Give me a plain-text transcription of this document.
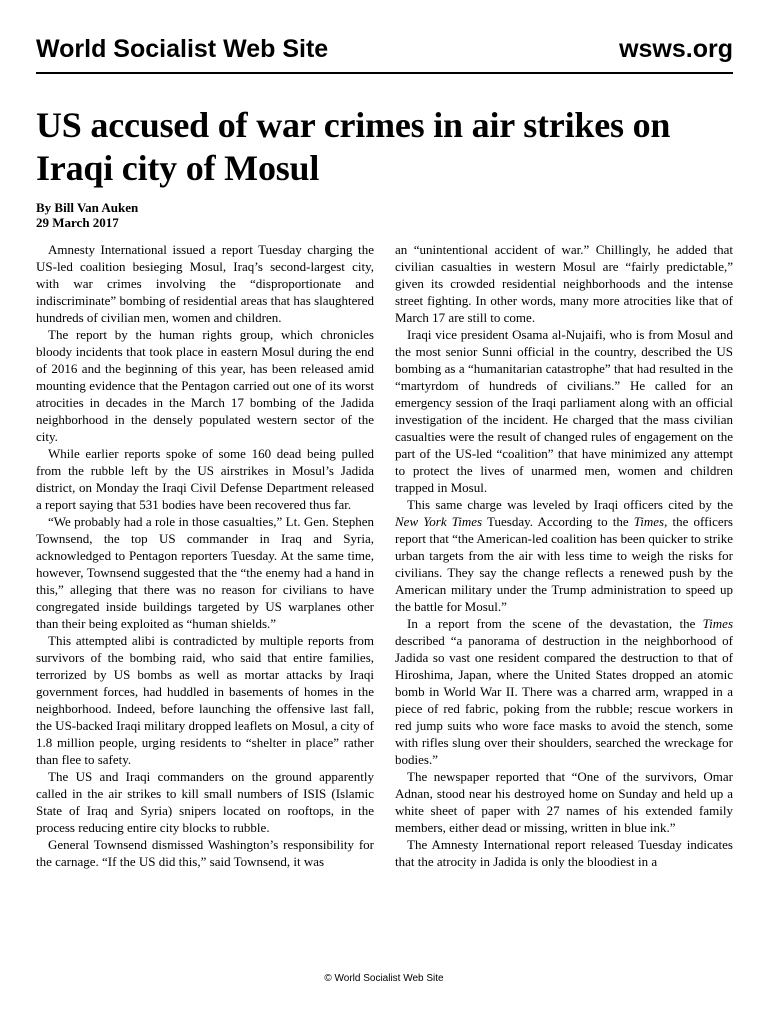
World Socialist Web Site	wsws.org
US accused of war crimes in air strikes on Iraqi city of Mosul
By Bill Van Auken
29 March 2017

Amnesty International issued a report Tuesday charging the US-led coalition besieging Mosul, Iraq’s second-largest city, with war crimes involving the “disproportionate and indiscriminate” bombing of residential areas that has slaughtered hundreds of civilian men, women and children.

The report by the human rights group, which chronicles bloody incidents that took place in eastern Mosul during the end of 2016 and the beginning of this year, has been released amid mounting evidence that the Pentagon carried out one of its worst atrocities in decades in the March 17 bombing of the Jadida neighborhood in the densely populated western sector of the city.

While earlier reports spoke of some 160 dead being pulled from the rubble left by the US airstrikes in Mosul’s Jadida district, on Monday the Iraqi Civil Defense Department released a report saying that 531 bodies have been recovered thus far.

“We probably had a role in those casualties,” Lt. Gen. Stephen Townsend, the top US commander in Iraq and Syria, acknowledged to Pentagon reporters Tuesday. At the same time, however, Townsend suggested that the “the enemy had a hand in this,” alleging that there was no reason for civilians to have congregated inside buildings targeted by US warplanes other than their being exploited as “human shields.”

This attempted alibi is contradicted by multiple reports from survivors of the bombing raid, who said that entire families, terrorized by US bombs as well as mortar attacks by Iraqi government forces, had huddled in basements of homes in the neighborhood. Indeed, before launching the offensive last fall, the US-backed Iraqi military dropped leaflets on Mosul, a city of 1.8 million people, urging residents to “shelter in place” rather than flee to safety.

The US and Iraqi commanders on the ground apparently called in the air strikes to kill small numbers of ISIS (Islamic State of Iraq and Syria) snipers located on rooftops, in the process reducing entire city blocks to rubble.

General Townsend dismissed Washington’s responsibility for the carnage. “If the US did this,” said Townsend, it was

an “unintentional accident of war.” Chillingly, he added that civilian casualties in western Mosul are “fairly predictable,” given its crowded residential neighborhoods and the intense street fighting. In other words, many more atrocities like that of March 17 are still to come.

Iraqi vice president Osama al-Nujaifi, who is from Mosul and the most senior Sunni official in the country, described the US bombing as a “humanitarian catastrophe” that had resulted in the “martyrdom of hundreds of civilians.” He called for an emergency session of the Iraqi parliament along with an official investigation of the incident. He charged that the mass civilian casualties were the result of changed rules of engagement on the part of the US-led “coalition” that have minimized any attempt to protect the lives of unarmed men, women and children trapped in Mosul.

This same charge was leveled by Iraqi officers cited by the New York Times Tuesday. According to the Times, the officers report that “the American-led coalition has been quicker to strike urban targets from the air with less time to weigh the risks for civilians. They say the change reflects a renewed push by the American military under the Trump administration to speed up the battle for Mosul.”

In a report from the scene of the devastation, the Times described “a panorama of destruction in the neighborhood of Jadida so vast one resident compared the destruction to that of Hiroshima, Japan, where the United States dropped an atomic bomb in World War II. There was a charred arm, wrapped in a piece of red fabric, poking from the rubble; rescue workers in red jump suits who wore face masks to avoid the stench, some with rifles slung over their shoulders, searched the wreckage for bodies.”

The newspaper reported that “One of the survivors, Omar Adnan, stood near his destroyed home on Sunday and held up a white sheet of paper with 27 names of his extended family members, either dead or missing, written in blue ink.”

The Amnesty International report released Tuesday indicates that the atrocity in Jadida is only the bloodiest in a

© World Socialist Web Site
